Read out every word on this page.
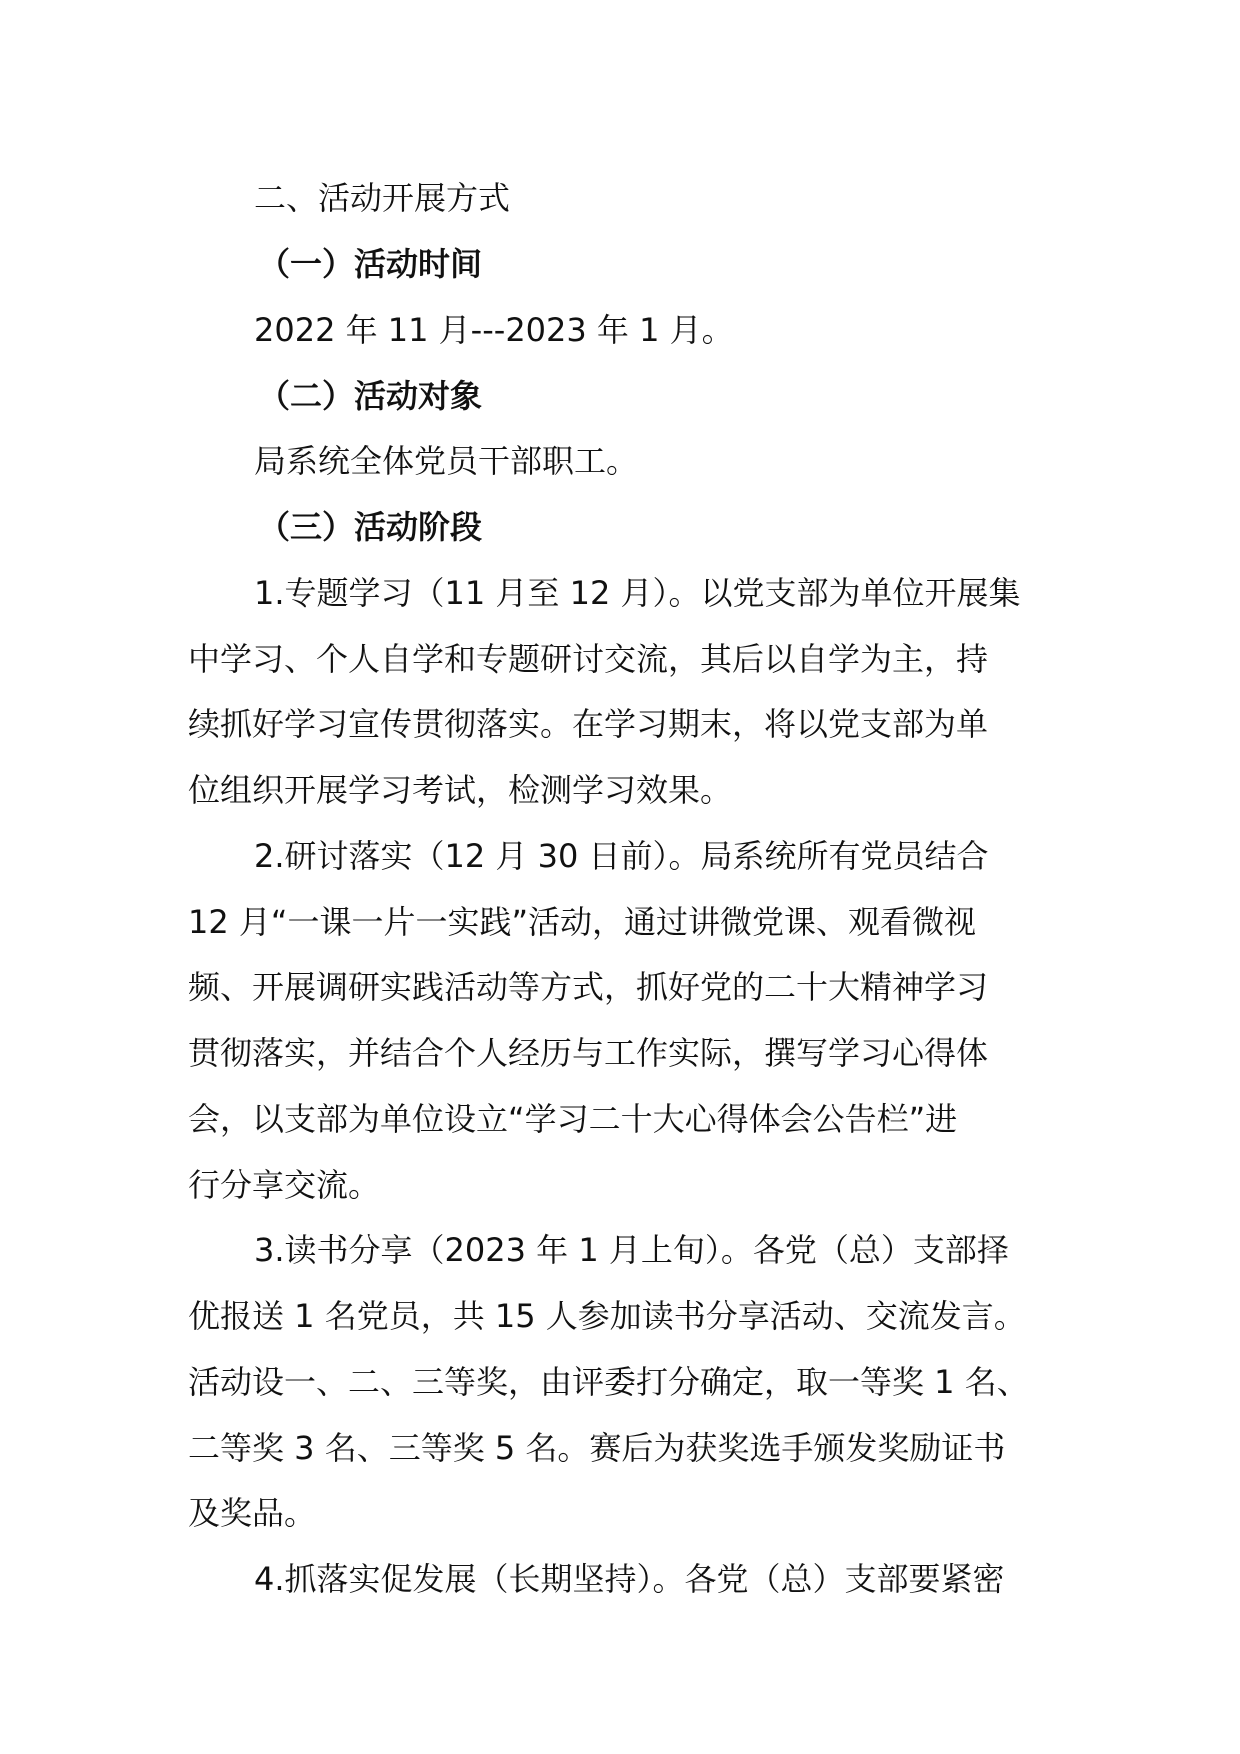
二、活动开展方式
（一）活动时间
2022 年 11 月---2023 年 1 月。
（二）活动对象
局系统全体党员干部职工。
（三）活动阶段
1.专题学习（11 月至 12 月）。以党支部为单位开展集
中学习、个人自学和专题研讨交流，其后以自学为主，持
续抓好学习宣传贯彻落实。在学习期末，将以党支部为单
位组织开展学习考试，检测学习效果。
2.研讨落实（12 月 30 日前）。局系统所有党员结合
12 月“一课一片一实践”活动，通过讲微党课、观看微视
频、开展调研实践活动等方式，抓好党的二十大精神学习
贯彻落实，并结合个人经历与工作实际，撰写学习心得体
会，以支部为单位设立“学习二十大心得体会公告栏”进
行分享交流。
3.读书分享（2023 年 1 月上旬）。各党（总）支部择
优报送 1 名党员，共 15 人参加读书分享活动、交流发言。
活动设一、二、三等奖，由评委打分确定，取一等奖 1 名、
二等奖 3 名、三等奖 5 名。赛后为获奖选手颁发奖励证书
及奖品。
4.抓落实促发展（长期坚持）。各党（总）支部要紧密
